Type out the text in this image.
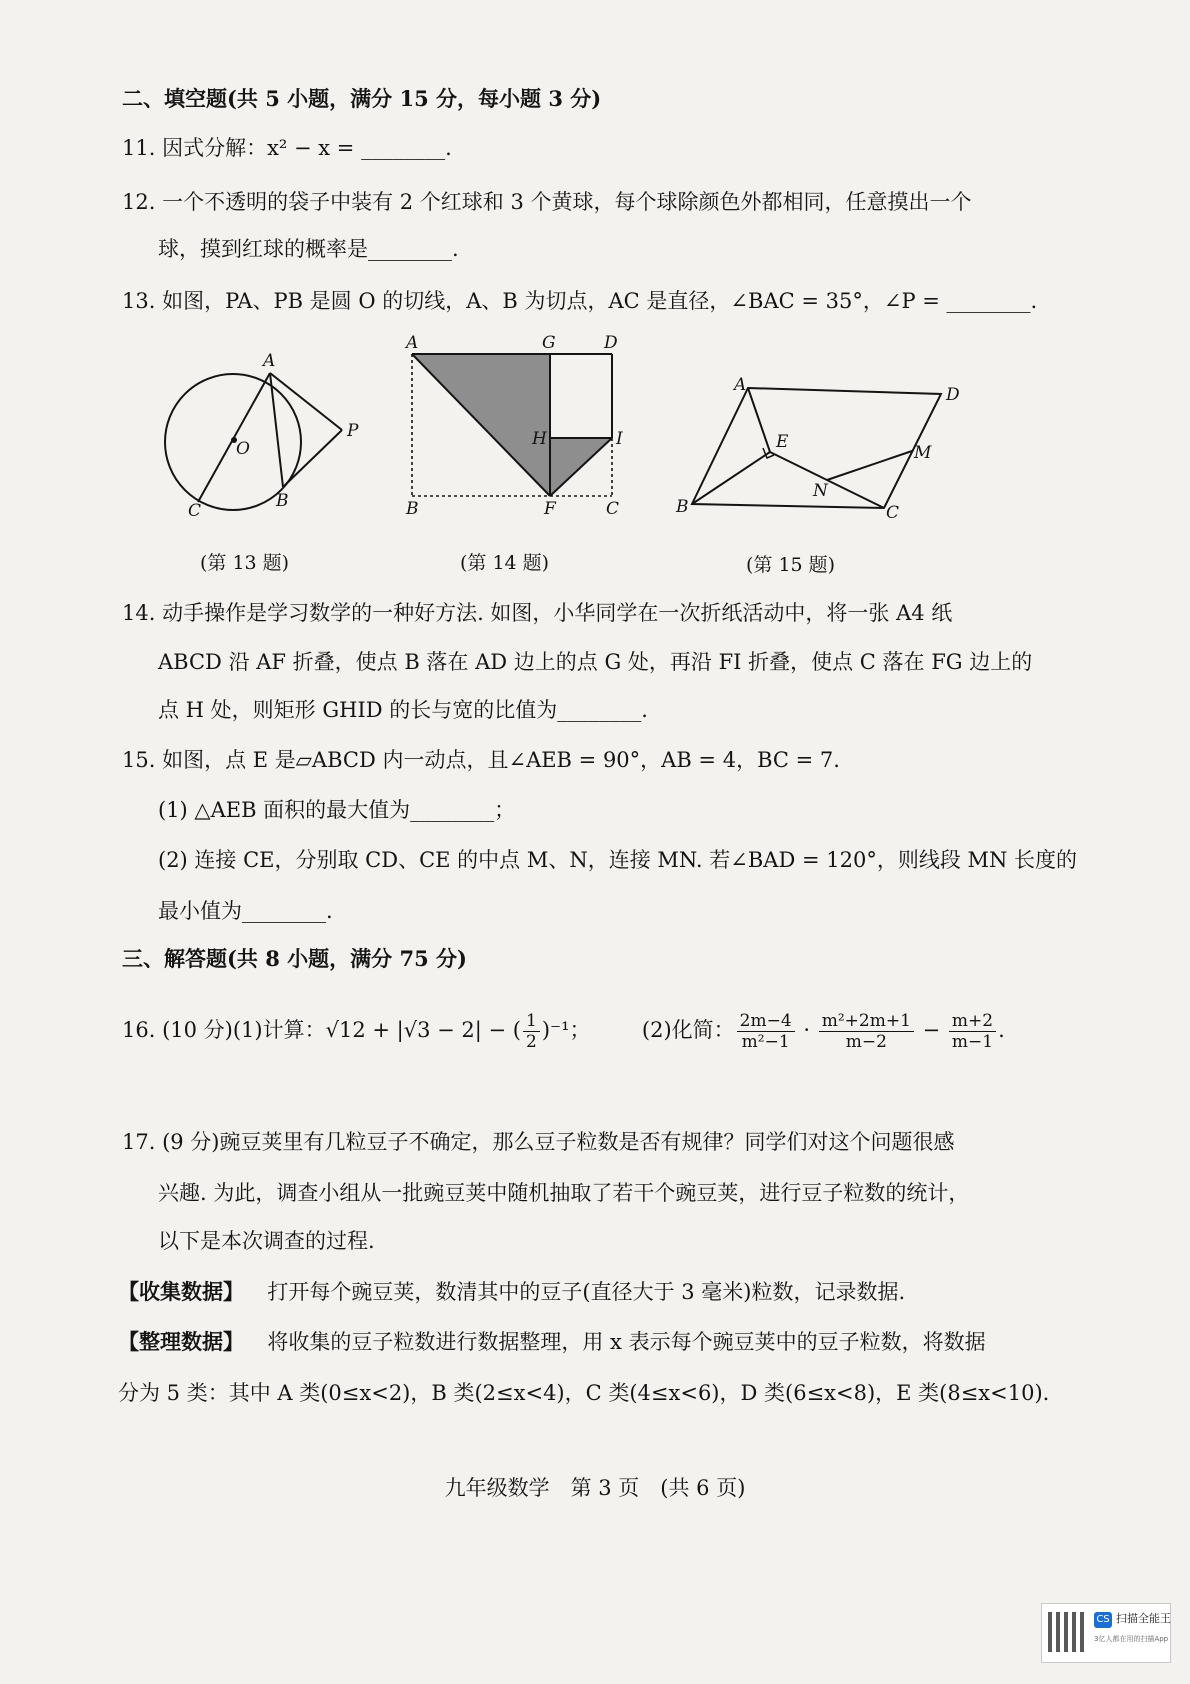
二、填空题(共 5 小题，满分 15 分，每小题 3 分)
11. 因式分解：x² − x = ________.
12. 一个不透明的袋子中装有 2 个红球和 3 个黄球，每个球除颜色外都相同，任意摸出一个
球，摸到红球的概率是________.
13. 如图，PA、PB 是圆 O 的切线，A、B 为切点，AC 是直径，∠BAC = 35°，∠P = ________.
A
O
P
B
C
A	G	D
H	I
B	F	C
A	D
E
M
N
B	C
(第 13 题)	(第 14 题)	(第 15 题)
14. 动手操作是学习数学的一种好方法. 如图，小华同学在一次折纸活动中，将一张 A4 纸
ABCD 沿 AF 折叠，使点 B 落在 AD 边上的点 G 处，再沿 FI 折叠，使点 C 落在 FG 边上的
点 H 处，则矩形 GHID 的长与宽的比值为________.
15. 如图，点 E 是▱ABCD 内一动点，且∠AEB = 90°，AB = 4，BC = 7.
(1) △AEB 面积的最大值为________；
(2) 连接 CE，分别取 CD、CE 的中点 M、N，连接 MN. 若∠BAD = 120°，则线段 MN 长度的
最小值为________.
三、解答题(共 8 小题，满分 75 分)
16. (10 分)(1)计算：√12 + |√3 − 2| − ( $\frac{1}{2} )^{-1}$； (2)化简： $\frac{2m-4}{\text{m²−1}} \cdot \frac{\text{m²+2m+1}}{m-2} - \frac{m+2}{m-1}$ .
17. (9 分)豌豆荚里有几粒豆子不确定，那么豆子粒数是否有规律？同学们对这个问题很感
兴趣. 为此，调查小组从一批豌豆荚中随机抽取了若干个豌豆荚，进行豆子粒数的统计，
以下是本次调查的过程.
【收集数据】 打开每个豌豆荚，数清其中的豆子(直径大于 3 毫米)粒数，记录数据.
【整理数据】 将收集的豆子粒数进行数据整理，用 x 表示每个豌豆荚中的豆子粒数，将数据
分为 5 类：其中 A 类(0≤x<2)，B 类(2≤x<4)，C 类(4≤x<6)，D 类(6≤x<8)，E 类(8≤x<10).
九年级数学　第 3 页　(共 6 页)
CS 扫描全能王
3亿人都在用的扫描App
